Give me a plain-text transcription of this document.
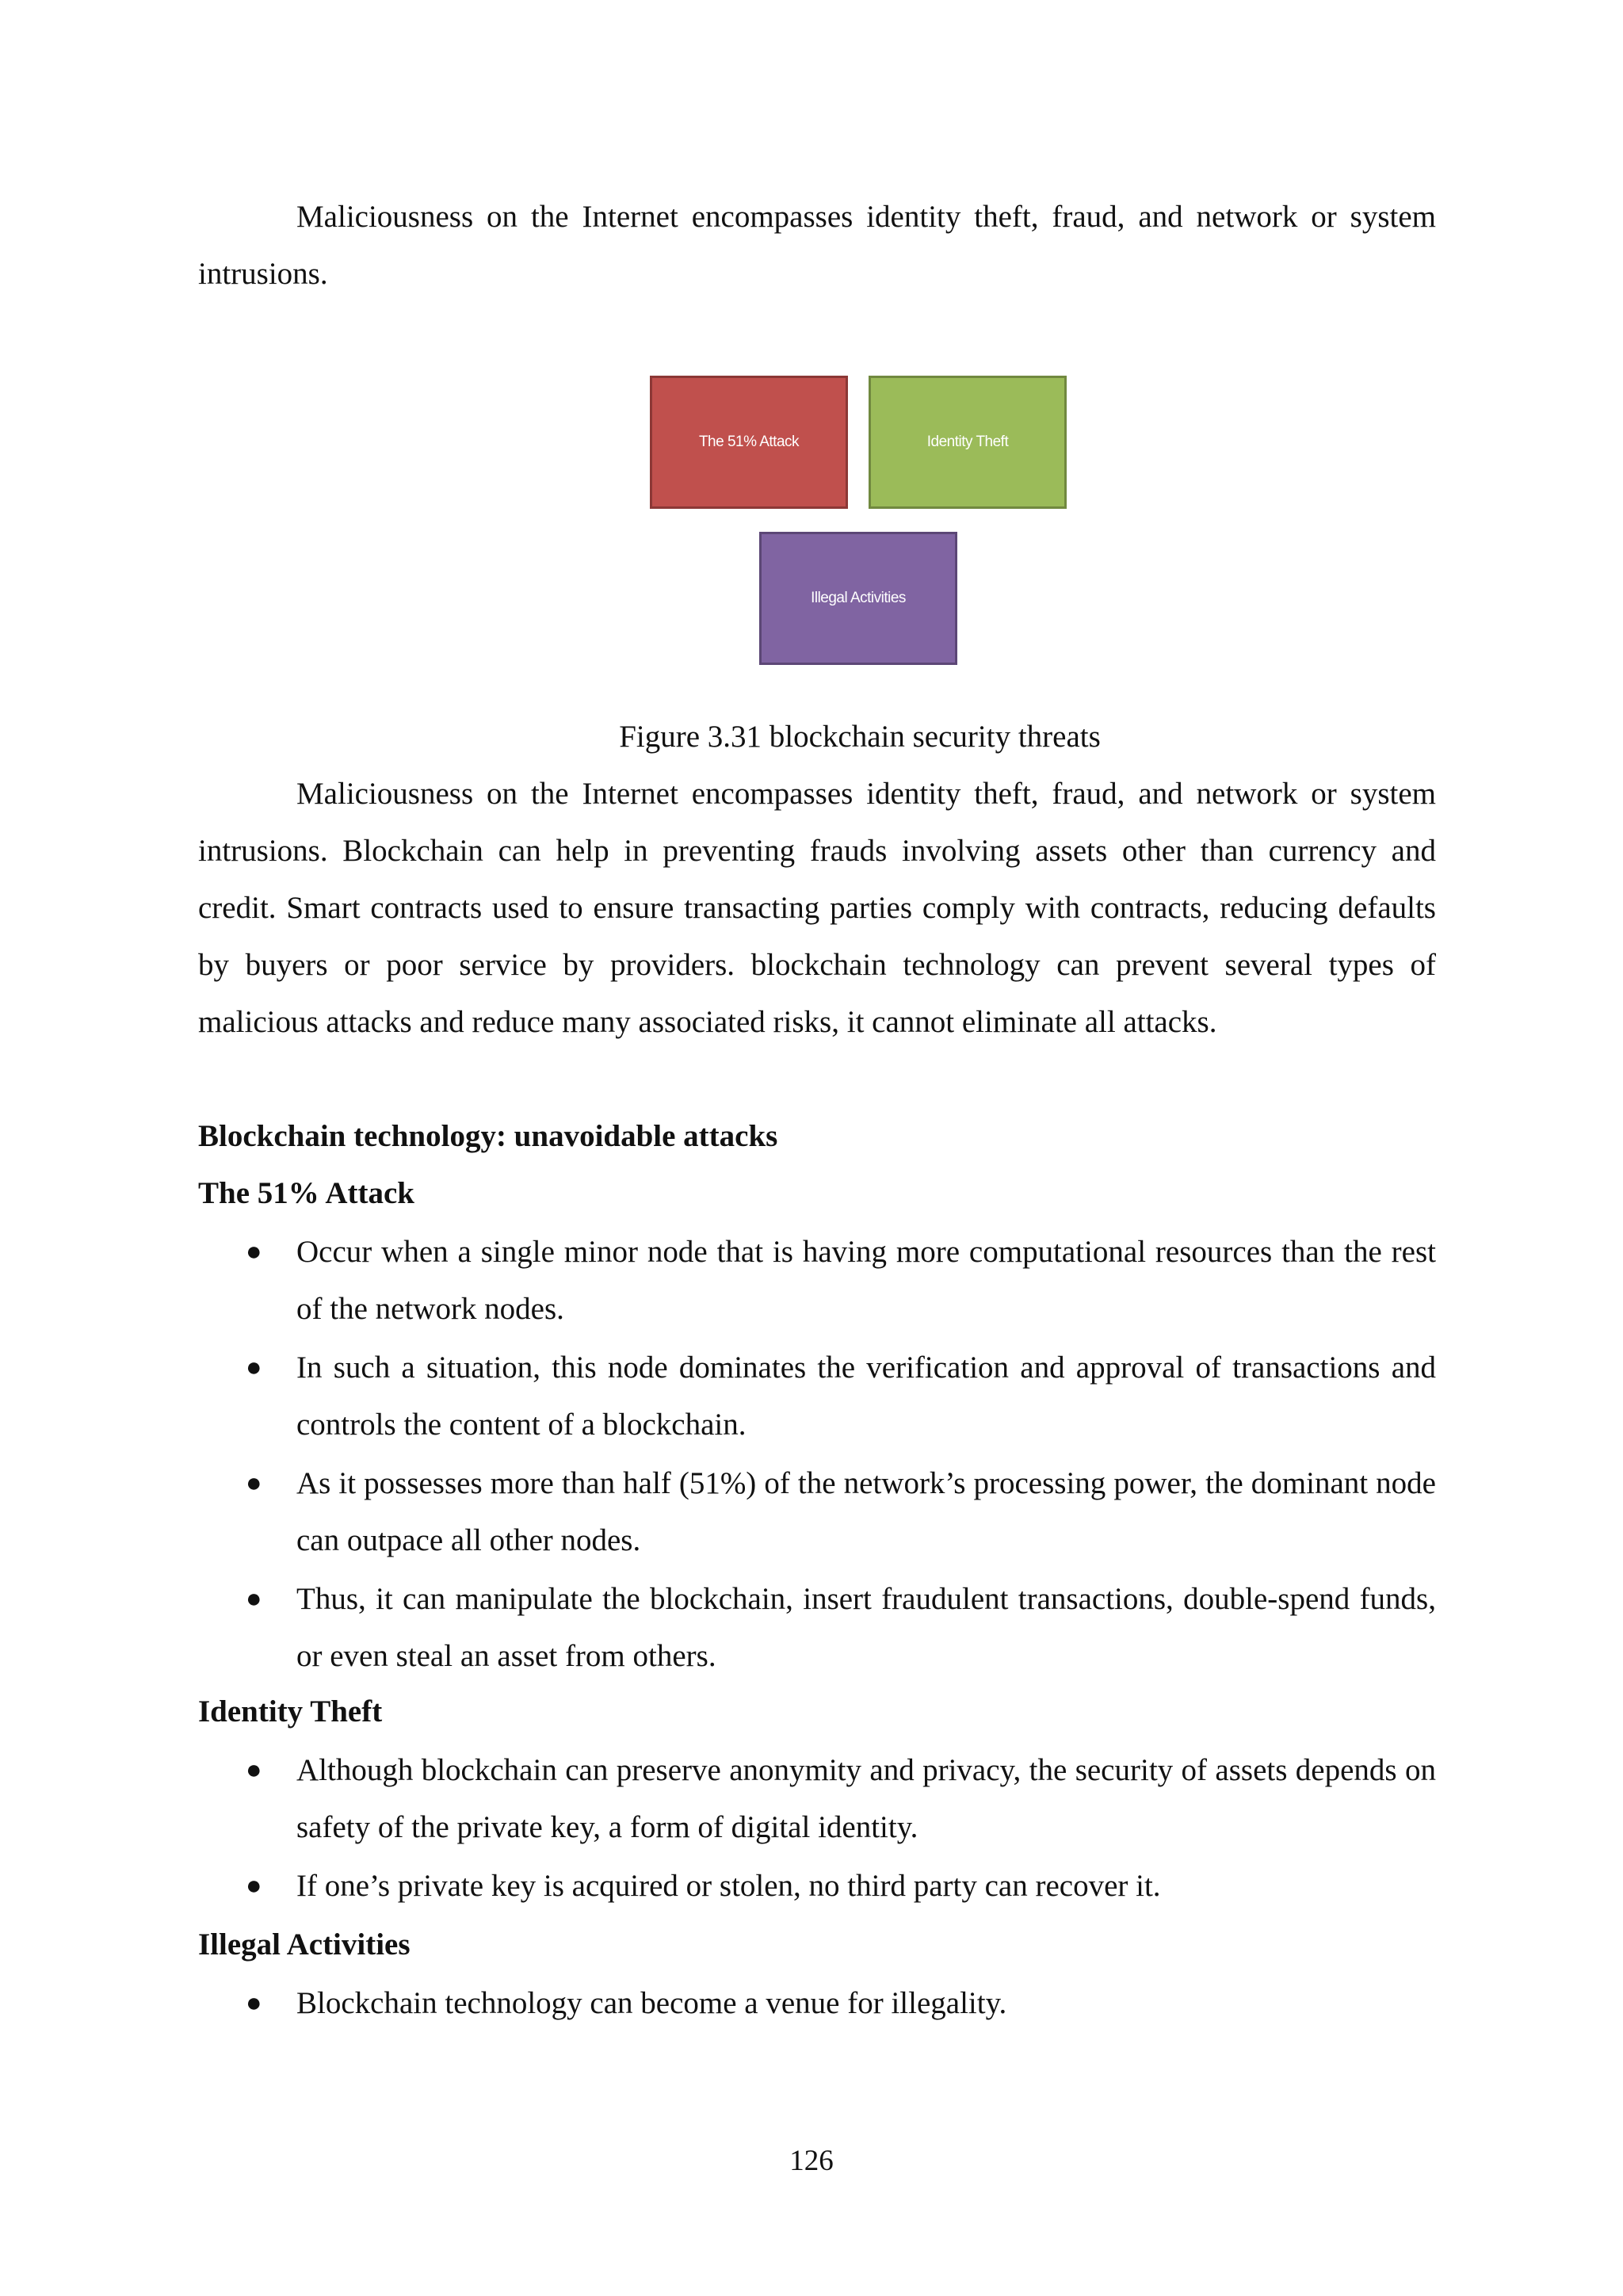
Maliciousness on the Internet encompasses identity theft, fraud, and network or system intrusions.

The 51% Attack	Identity Theft
Illegal Activities

Figure 3.31 blockchain security threats

Maliciousness on the Internet encompasses identity theft, fraud, and network or system intrusions. Blockchain can help in preventing frauds involving assets other than currency and credit. Smart contracts used to ensure transacting parties comply with contracts, reducing defaults by buyers or poor service by providers. blockchain technology can prevent several types of malicious attacks and reduce many associated risks, it cannot eliminate all attacks.

Blockchain technology: unavoidable attacks

The 51% Attack

● Occur when a single minor node that is having more computational resources than the rest of the network nodes.
● In such a situation, this node dominates the verification and approval of transactions and controls the content of a blockchain.
● As it possesses more than half (51%) of the network’s processing power, the dominant node can outpace all other nodes.
● Thus, it can manipulate the blockchain, insert fraudulent transactions, double-spend funds, or even steal an asset from others.

Identity Theft

● Although blockchain can preserve anonymity and privacy, the security of assets depends on safety of the private key, a form of digital identity.
● If one’s private key is acquired or stolen, no third party can recover it.

Illegal Activities

● Blockchain technology can become a venue for illegality.
126
